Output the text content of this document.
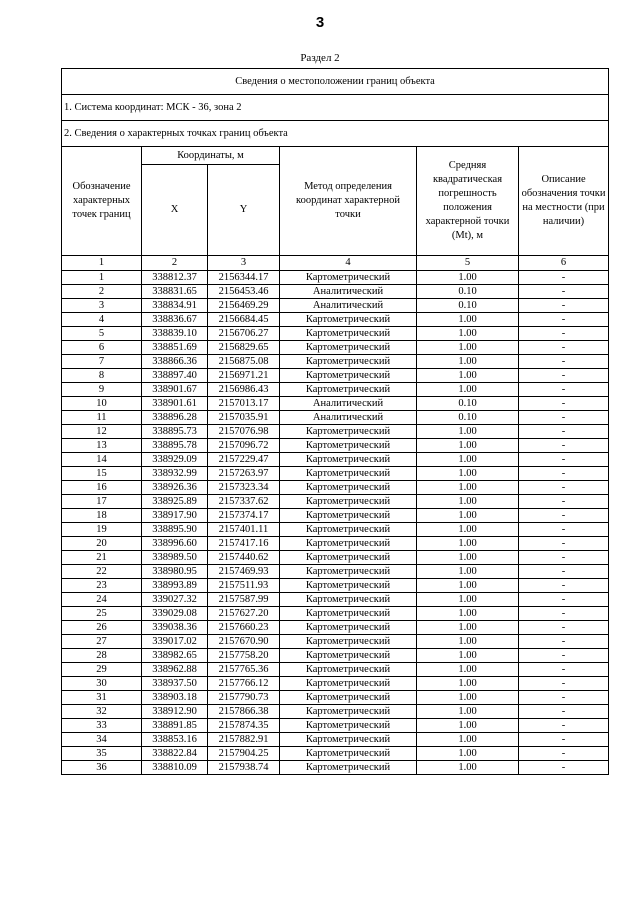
3
Раздел 2
Сведения о местоположении границ объекта					
1. Система координат: МСК - 36, зона 2					
2. Сведения о характерных точках границ объекта					
Обозначение характерных точек границ	Координаты, м		Метод определения координат характерной точки	Средняя квадратическая погрешность положения характерной точки (Mt), м	Описание обозначения точки на местности (при наличии)
	X	Y			
1	2	3	4	5	6
1	338812.37	2156344.17	Картометрический	1.00	-
2	338831.65	2156453.46	Аналитический	0.10	-
3	338834.91	2156469.29	Аналитический	0.10	-
4	338836.67	2156684.45	Картометрический	1.00	-
5	338839.10	2156706.27	Картометрический	1.00	-
6	338851.69	2156829.65	Картометрический	1.00	-
7	338866.36	2156875.08	Картометрический	1.00	-
8	338897.40	2156971.21	Картометрический	1.00	-
9	338901.67	2156986.43	Картометрический	1.00	-
10	338901.61	2157013.17	Аналитический	0.10	-
11	338896.28	2157035.91	Аналитический	0.10	-
12	338895.73	2157076.98	Картометрический	1.00	-
13	338895.78	2157096.72	Картометрический	1.00	-
14	338929.09	2157229.47	Картометрический	1.00	-
15	338932.99	2157263.97	Картометрический	1.00	-
16	338926.36	2157323.34	Картометрический	1.00	-
17	338925.89	2157337.62	Картометрический	1.00	-
18	338917.90	2157374.17	Картометрический	1.00	-
19	338895.90	2157401.11	Картометрический	1.00	-
20	338996.60	2157417.16	Картометрический	1.00	-
21	338989.50	2157440.62	Картометрический	1.00	-
22	338980.95	2157469.93	Картометрический	1.00	-
23	338993.89	2157511.93	Картометрический	1.00	-
24	339027.32	2157587.99	Картометрический	1.00	-
25	339029.08	2157627.20	Картометрический	1.00	-
26	339038.36	2157660.23	Картометрический	1.00	-
27	339017.02	2157670.90	Картометрический	1.00	-
28	338982.65	2157758.20	Картометрический	1.00	-
29	338962.88	2157765.36	Картометрический	1.00	-
30	338937.50	2157766.12	Картометрический	1.00	-
31	338903.18	2157790.73	Картометрический	1.00	-
32	338912.90	2157866.38	Картометрический	1.00	-
33	338891.85	2157874.35	Картометрический	1.00	-
34	338853.16	2157882.91	Картометрический	1.00	-
35	338822.84	2157904.25	Картометрический	1.00	-
36	338810.09	2157938.74	Картометрический	1.00	-
